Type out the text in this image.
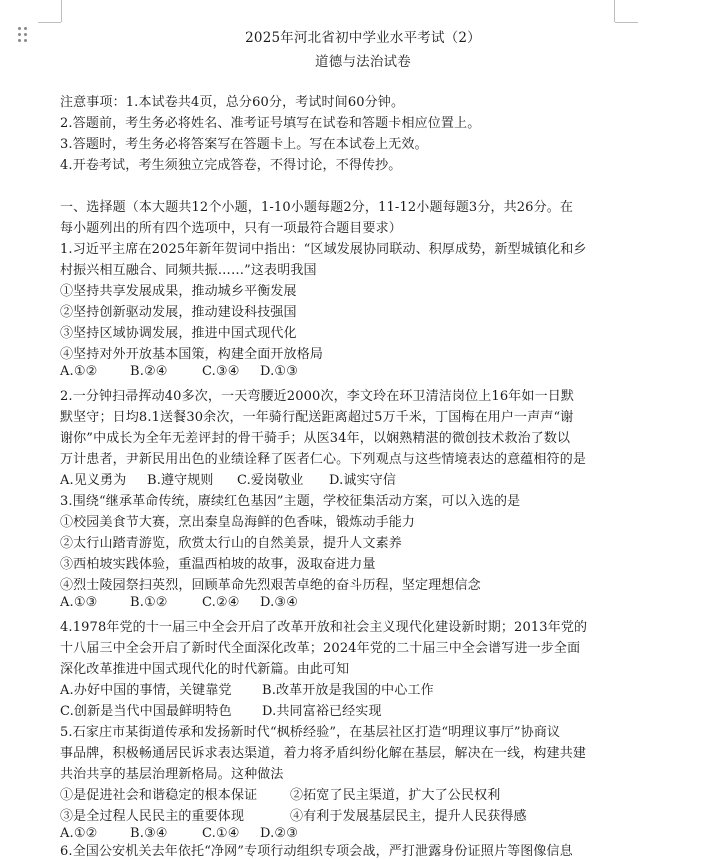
2025年河北省初中学业水平考试（2）
道德与法治试卷
注意事项：1.本试卷共4页，总分60分，考试时间60分钟。
2.答题前，考生务必将姓名、准考证号填写在试卷和答题卡相应位置上。
3.答题时，考生务必将答案写在答题卡上。写在本试卷上无效。
4.开卷考试，考生须独立完成答卷，不得讨论，不得传抄。
一、选择题（本大题共12个小题，1-10小题每题2分，11-12小题每题3分，共26分。在
每小题列出的所有四个选项中，只有一项最符合题目要求）
1.习近平主席在2025年新年贺词中指出：“区域发展协同联动、积厚成势，新型城镇化和乡
村振兴相互融合、同频共振……”这表明我国
①坚持共享发展成果，推动城乡平衡发展
②坚持创新驱动发展，推动建设科技强国
③坚持区域协调发展，推进中国式现代化
④坚持对外开放基本国策，构建全面开放格局
A.①②	B.②④	C.③④ D.①③
2.一分钟扫帚挥动40多次，一天弯腰近2000次，李文玲在环卫清洁岗位上16年如一日默
默坚守；日均8.1送餐30余次，一年骑行配送距离超过5万千米，丁国梅在用户一声声“谢
谢你”中成长为全年无差评封的骨干骑手；从医34年，以娴熟精湛的微创技术救治了数以
万计患者，尹新民用出色的业绩诠释了医者仁心。下列观点与这些情境表达的意蕴相符的是
A.见义勇为 B.遵守规则 C.爱岗敬业 D.诚实守信
3.围绕“继承革命传统，赓续红色基因”主题，学校征集活动方案，可以入选的是
①校园美食节大赛，烹出秦皇岛海鲜的色香味，锻炼动手能力
②太行山踏青游览，欣赏太行山的自然美景，提升人文素养
③西柏坡实践体验，重温西柏坡的故事，汲取奋进力量
④烈士陵园祭扫英烈，回顾革命先烈艰苦卓绝的奋斗历程，坚定理想信念
A.①③	B.①②	C.②④ D.③④
4.1978年党的十一届三中全会开启了改革开放和社会主义现代化建设新时期；2013年党的
十八届三中全会开启了新时代全面深化改革；2024年党的二十届三中全会谱写进一步全面
深化改革推进中国式现代化的时代新篇。由此可知
A.办好中国的事情，关键靠党 B.改革开放是我国的中心工作
C.创新是当代中国最鲜明特色 D.共同富裕已经实现
5.石家庄市某街道传承和发扬新时代“枫桥经验”，在基层社区打造“明理议事厅”协商议
事品牌，积极畅通居民诉求表达渠道，着力将矛盾纠纷化解在基层，解决在一线，构建共建
共治共享的基层治理新格局。这种做法
①是促进社会和谐稳定的根本保证	②拓宽了民主渠道，扩大了公民权利
③是全过程人民民主的重要体现	④有利于发展基层民主，提升人民获得感
A.①②	B.③④	C.①④ D.②③
6.全国公安机关去年依托“净网”专项行动组织专项会战，严打泄露身份证照片等图像信息
